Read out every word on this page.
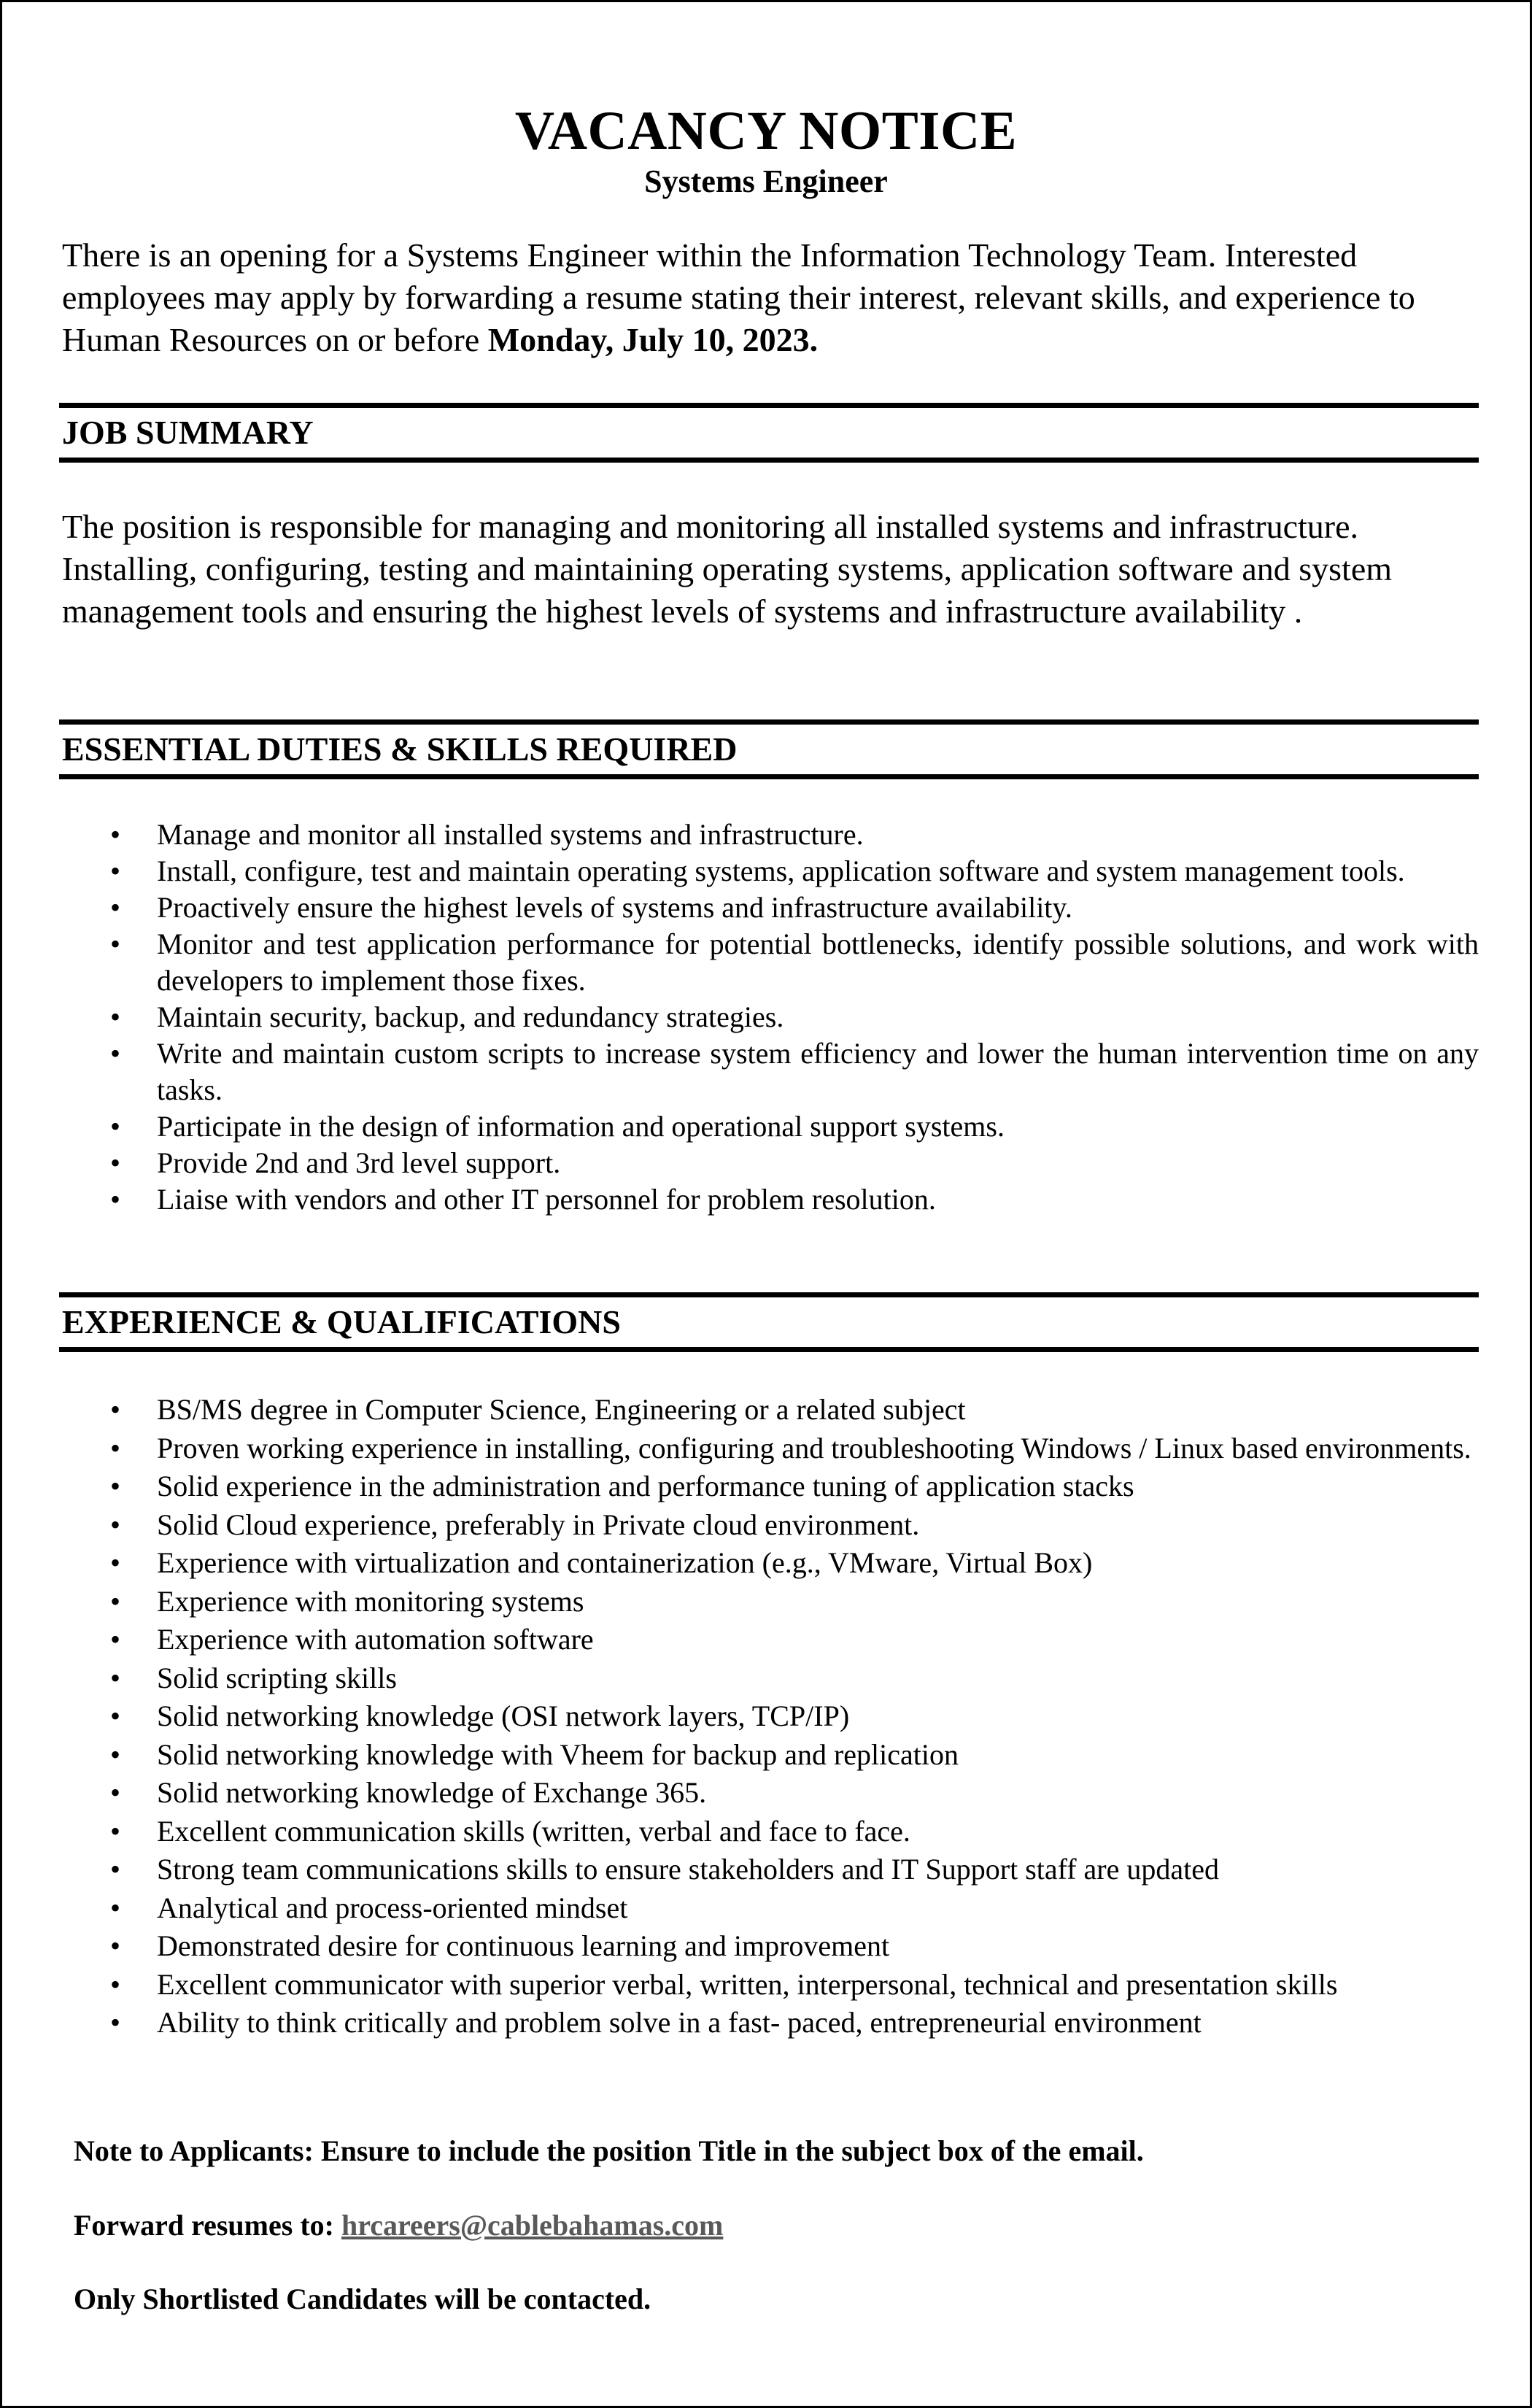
VACANCY NOTICE
Systems Engineer
There is an opening for a Systems Engineer within the Information Technology Team. Interested employees may apply by forwarding a resume stating their interest, relevant skills, and experience to Human Resources on or before Monday, July 10, 2023.
JOB SUMMARY
The position is responsible for managing and monitoring all installed systems and infrastructure. Installing, configuring, testing and maintaining operating systems, application software and system management tools and ensuring the highest levels of systems and infrastructure availability .
ESSENTIAL DUTIES & SKILLS REQUIRED
• Manage and monitor all installed systems and infrastructure.
• Install, configure, test and maintain operating systems, application software and system management tools.
• Proactively ensure the highest levels of systems and infrastructure availability.
• Monitor and test application performance for potential bottlenecks, identify possible solutions, and work with developers to implement those fixes.
• Maintain security, backup, and redundancy strategies.
• Write and maintain custom scripts to increase system efficiency and lower the human intervention time on any tasks.
• Participate in the design of information and operational support systems.
• Provide 2nd and 3rd level support.
• Liaise with vendors and other IT personnel for problem resolution.
EXPERIENCE & QUALIFICATIONS
• BS/MS degree in Computer Science, Engineering or a related subject
• Proven working experience in installing, configuring and troubleshooting Windows / Linux based environments.
• Solid experience in the administration and performance tuning of application stacks
• Solid Cloud experience, preferably in Private cloud environment.
• Experience with virtualization and containerization (e.g., VMware, Virtual Box)
• Experience with monitoring systems
• Experience with automation software
• Solid scripting skills
• Solid networking knowledge (OSI network layers, TCP/IP)
• Solid networking knowledge with Vheem for backup and replication
• Solid networking knowledge of Exchange 365.
• Excellent communication skills (written, verbal and face to face.
• Strong team communications skills to ensure stakeholders and IT Support staff are updated
• Analytical and process-oriented mindset
• Demonstrated desire for continuous learning and improvement
• Excellent communicator with superior verbal, written, interpersonal, technical and presentation skills
• Ability to think critically and problem solve in a fast- paced, entrepreneurial environment
Note to Applicants: Ensure to include the position Title in the subject box of the email.
Forward resumes to: hrcareers@cablebahamas.com
Only Shortlisted Candidates will be contacted.
